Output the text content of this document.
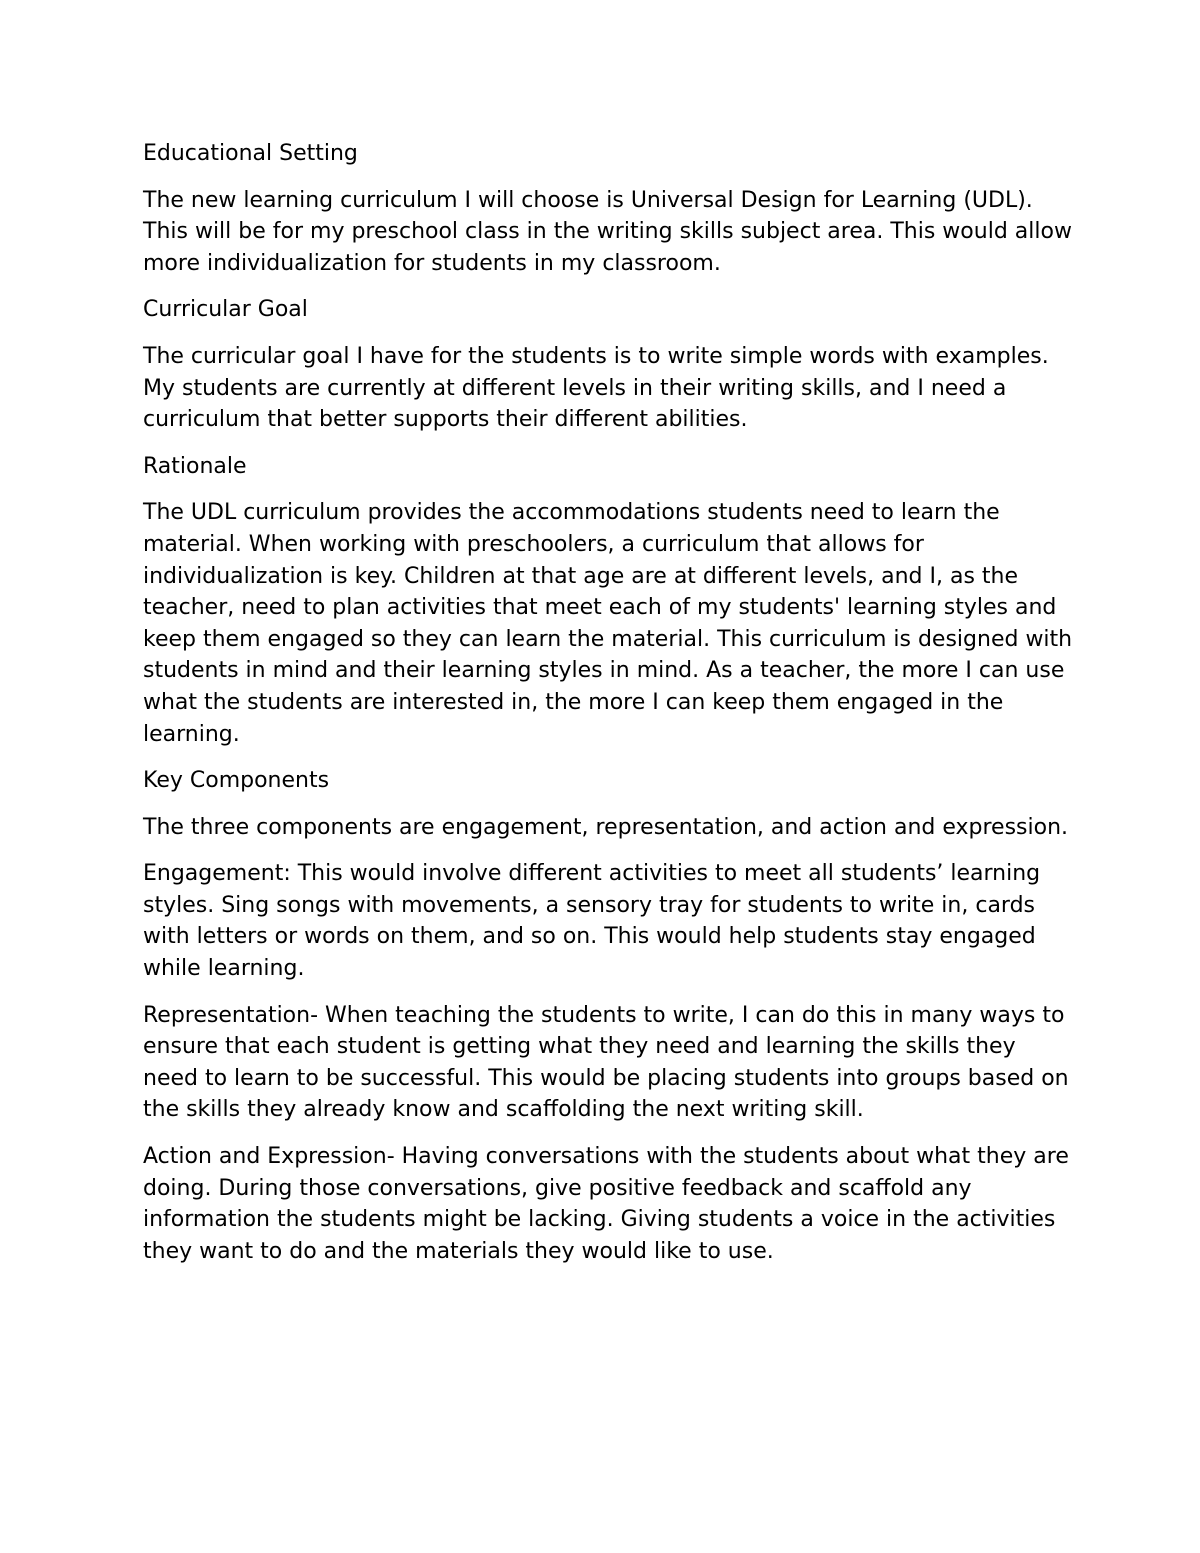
Educational Setting

The new learning curriculum I will choose is Universal Design for Learning (UDL). This will be for my preschool class in the writing skills subject area. This would allow more individualization for students in my classroom.

Curricular Goal

The curricular goal I have for the students is to write simple words with examples. My students are currently at different levels in their writing skills, and I need a curriculum that better supports their different abilities.

Rationale

The UDL curriculum provides the accommodations students need to learn the material. When working with preschoolers, a curriculum that allows for individualization is key. Children at that age are at different levels, and I, as the teacher, need to plan activities that meet each of my students' learning styles and keep them engaged so they can learn the material. This curriculum is designed with students in mind and their learning styles in mind. As a teacher, the more I can use what the students are interested in, the more I can keep them engaged in the learning.

Key Components

The three components are engagement, representation, and action and expression.

Engagement: This would involve different activities to meet all students’ learning styles. Sing songs with movements, a sensory tray for students to write in, cards with letters or words on them, and so on. This would help students stay engaged while learning.

Representation- When teaching the students to write, I can do this in many ways to ensure that each student is getting what they need and learning the skills they need to learn to be successful. This would be placing students into groups based on the skills they already know and scaffolding the next writing skill.

Action and Expression- Having conversations with the students about what they are doing. During those conversations, give positive feedback and scaffold any information the students might be lacking. Giving students a voice in the activities they want to do and the materials they would like to use.
